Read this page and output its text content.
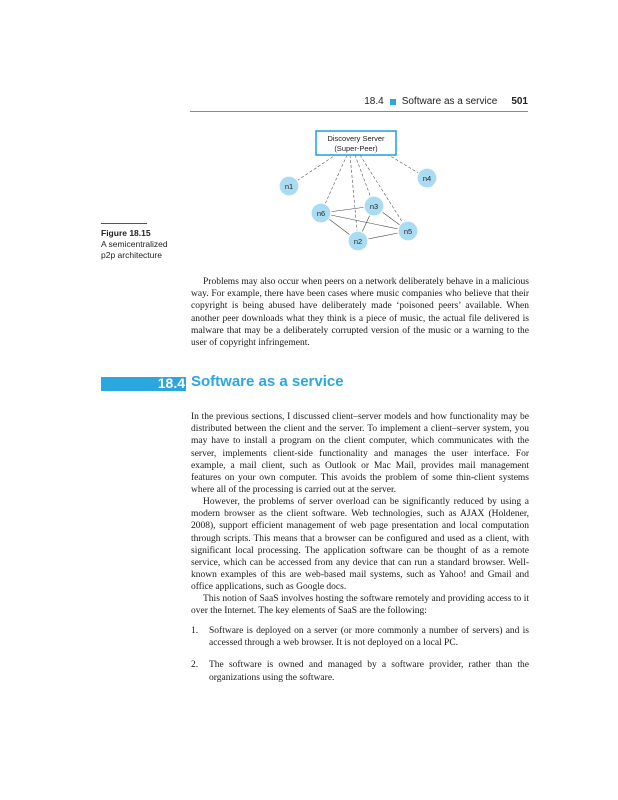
18.4 Software as a service 501
Discovery Server
(Super-Peer)
n1
n3
n4
n5
n6
n2
Figure 18.15
A semicentralized
p2p architecture

Problems may also occur when peers on a network deliberately behave in a malicious way. For example, there have been cases where music companies who believe that their copyright is being abused have deliberately made ‘poisoned peers’ available. When another peer downloads what they think is a piece of music, the actual file delivered is malware that may be a deliberately corrupted version of the music or a warning to the user of copyright infringement.

18.4 Software as a service

In the previous sections, I discussed client–server models and how functionality may be distributed between the client and the server. To implement a client–server system, you may have to install a program on the client computer, which communicates with the server, implements client-side functionality and manages the user interface. For example, a mail client, such as Outlook or Mac Mail, provides mail management features on your own computer. This avoids the problem of some thin-client systems where all of the processing is carried out at the server.

However, the problems of server overload can be significantly reduced by using a modern browser as the client software. Web technologies, such as AJAX (Holdener, 2008), support efficient management of web page presentation and local computation through scripts. This means that a browser can be configured and used as a client, with significant local processing. The application software can be thought of as a remote service, which can be accessed from any device that can run a standard browser. Well-known examples of this are web-based mail systems, such as Yahoo! and Gmail and office applications, such as Google docs.

This notion of SaaS involves hosting the software remotely and providing access to it over the Internet. The key elements of SaaS are the following:

1. Software is deployed on a server (or more commonly a number of servers) and is accessed through a web browser. It is not deployed on a local PC.
2. The software is owned and managed by a software provider, rather than the organizations using the software.
